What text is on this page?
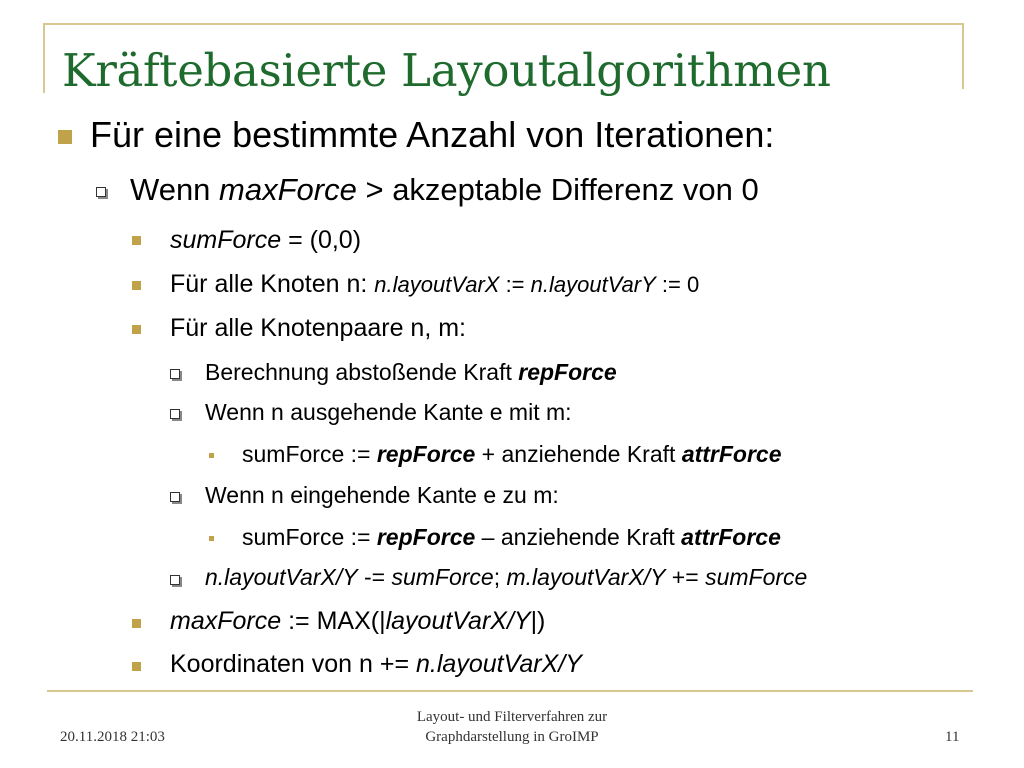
Kräftebasierte Layoutalgorithmen
Für eine bestimmte Anzahl von Iterationen:
Wenn maxForce > akzeptable Differenz von 0
sumForce = (0,0)
Für alle Knoten n: n.layoutVarX := n.layoutVarY := 0
Für alle Knotenpaare n, m:
Berechnung abstoßende Kraft repForce
Wenn n ausgehende Kante e mit m:
sumForce := repForce + anziehende Kraft attrForce
Wenn n eingehende Kante e zu m:
sumForce := repForce – anziehende Kraft attrForce
n.layoutVarX/Y -= sumForce; m.layoutVarX/Y += sumForce
maxForce := MAX(|layoutVarX/Y|)
Koordinaten von n += n.layoutVarX/Y
20.11.2018 21:03
Layout- und Filterverfahren zur
Graphdarstellung in GroIMP	11
